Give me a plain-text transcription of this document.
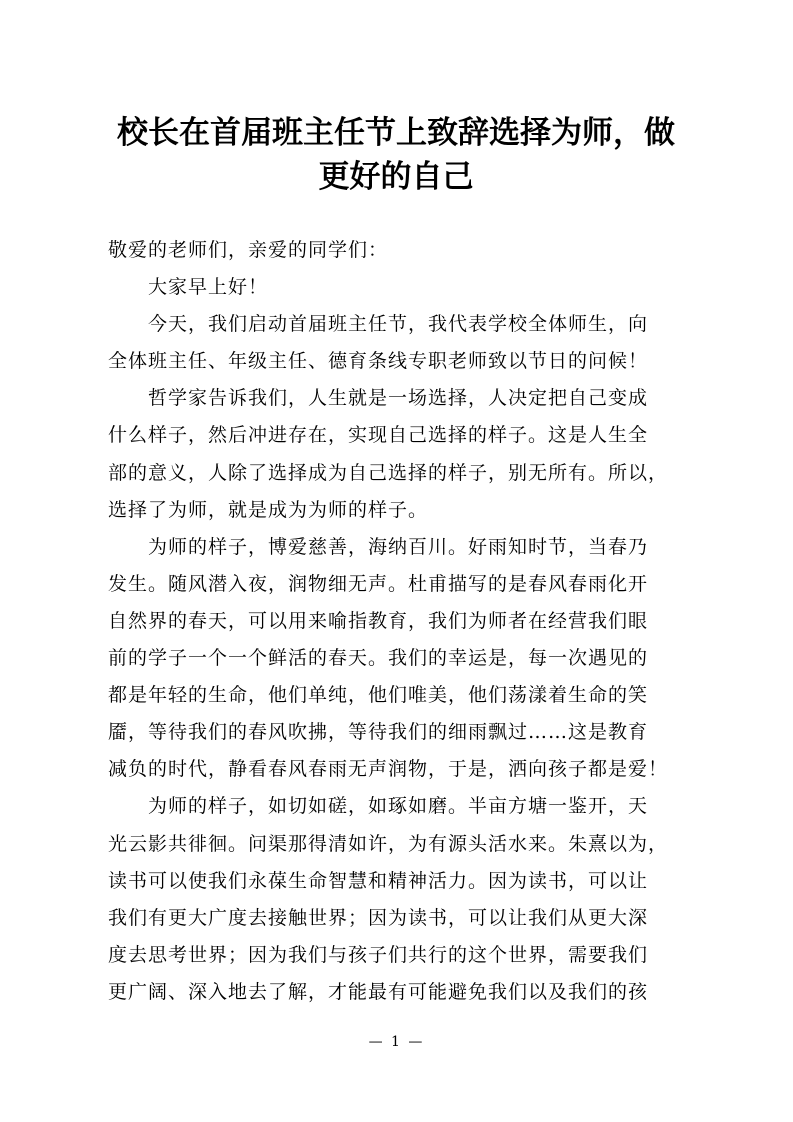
校长在首届班主任节上致辞选择为师，做
更好的自己
敬爱的老师们，亲爱的同学们：
大家早上好！
今天，我们启动首届班主任节，我代表学校全体师生，向
全体班主任、年级主任、德育条线专职老师致以节日的问候！
哲学家告诉我们，人生就是一场选择，人决定把自己变成
什么样子，然后冲进存在，实现自己选择的样子。这是人生全
部的意义，人除了选择成为自己选择的样子，别无所有。所以，
选择了为师，就是成为为师的样子。
为师的样子，博爱慈善，海纳百川。好雨知时节，当春乃
发生。随风潜入夜，润物细无声。杜甫描写的是春风春雨化开
自然界的春天，可以用来喻指教育，我们为师者在经营我们眼
前的学子一个一个鲜活的春天。我们的幸运是，每一次遇见的
都是年轻的生命，他们单纯，他们唯美，他们荡漾着生命的笑
靥，等待我们的春风吹拂，等待我们的细雨飘过……这是教育
减负的时代，静看春风春雨无声润物，于是，洒向孩子都是爱！
为师的样子，如切如磋，如琢如磨。半亩方塘一鉴开，天
光云影共徘徊。问渠那得清如许，为有源头活水来。朱熹以为，
读书可以使我们永葆生命智慧和精神活力。因为读书，可以让
我们有更大广度去接触世界；因为读书，可以让我们从更大深
度去思考世界；因为我们与孩子们共行的这个世界，需要我们
更广阔、深入地去了解，才能最有可能避免我们以及我们的孩
— 1 —
